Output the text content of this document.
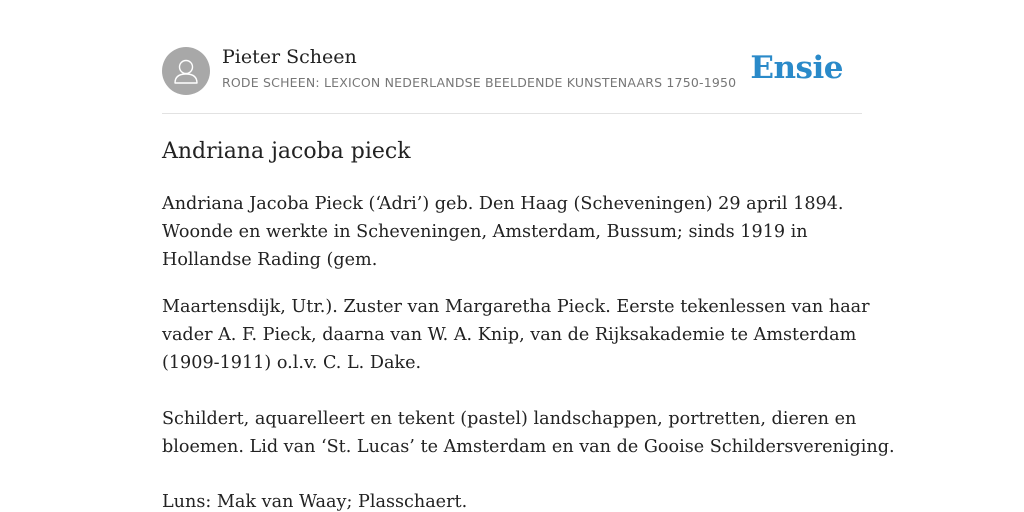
Pieter Scheen
RODE SCHEEN: LEXICON NEDERLANDSE BEELDENDE KUNSTENAARS 1750-1950 Ensie
Andriana jacoba pieck

Andriana Jacoba Pieck (‘Adri’) geb. Den Haag (Scheveningen) 29 april 1894.
Woonde en werkte in Scheveningen, Amsterdam, Bussum; sinds 1919 in
Hollandse Rading (gem.

Maartensdijk, Utr.). Zuster van Margaretha Pieck. Eerste tekenlessen van haar
vader A. F. Pieck, daarna van W. A. Knip, van de Rijksakademie te Amsterdam
(1909-1911) o.l.v. C. L. Dake.

Schildert, aquarelleert en tekent (pastel) landschappen, portretten, dieren en
bloemen. Lid van ‘St. Lucas’ te Amsterdam en van de Gooise Schildersvereniging.

Luns: Mak van Waay; Plasschaert.
